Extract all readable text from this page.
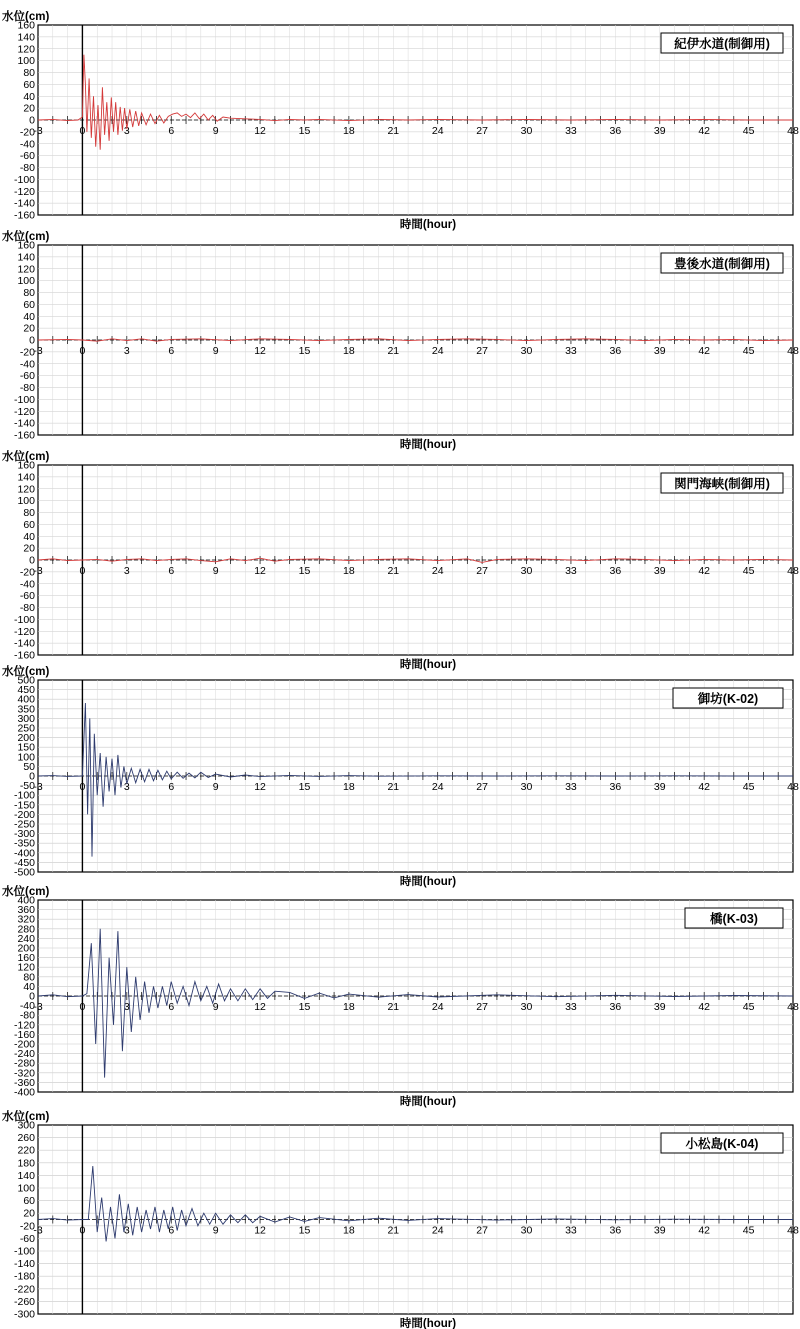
160
140
120
100
80
60
40
20
0
-20
-40
-60
-80
-100
-120
-140
-160
-3	0	3	6	9	12	15	18	21	24	27	30	33	36	39	42	45	48
紀伊水道(制御用)
水位(cm)
時間(hour)
160
140
120
100
80
60
40
20
0
-20
-40
-60
-80
-100
-120
-140
-160
-3	0	3	6	9	12	15	18	21	24	27	30	33	36	39	42	45	48
豊後水道(制御用)
水位(cm)
時間(hour)
160
140
120
100
80
60
40
20
0
-20
-40
-60
-80
-100
-120
-140
-160
-3	0	3	6	9	12	15	18	21	24	27	30	33	36	39	42	45	48
関門海峡(制御用)
水位(cm)
時間(hour)
500
450
400
350
300
250
200
150
100
50
0
-50
-100
-150
-200
-250
-300
-350
-400
-450
-500
-3	0	3	6	9	12	15	18	21	24	27	30	33	36	39	42	45	48
御坊(K-02)
水位(cm)
時間(hour)
400
360
320
280
240
200
160
120
80
40
0
-40
-80
-120
-160
-200
-240
-280
-320
-360
-400
-3	0	3	6	9	12	15	18	21	24	27	30	33	36	39	42	45	48
橋(K-03)
水位(cm)
時間(hour)
300
260
220
180
140
100
60
20
-20
-60
-100
-140
-180
-220
-260
-300
-3	0	3	6	9	12	15	18	21	24	27	30	33	36	39	42	45	48
小松島(K-04)
水位(cm)
時間(hour)
